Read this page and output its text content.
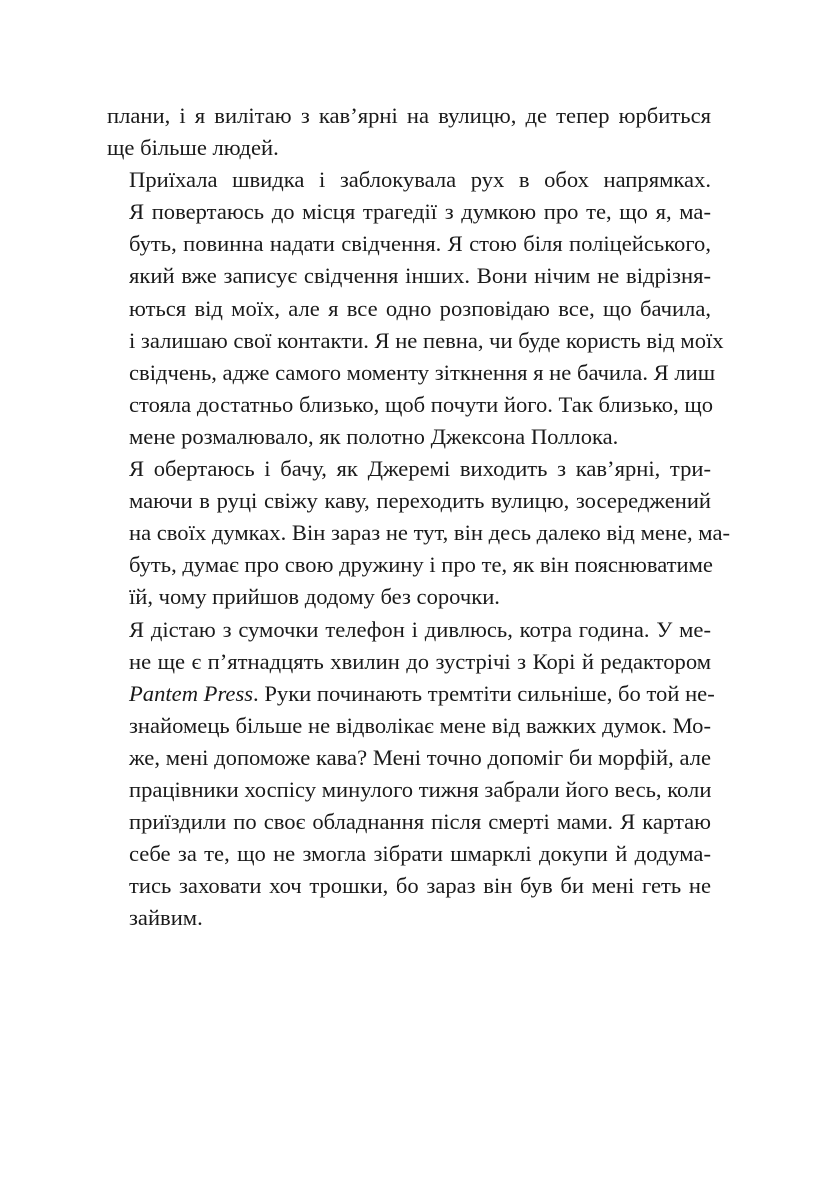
плани, і я вилітаю з кав’ярні на вулицю, де тепер юрбиться
ще більше людей.

Приїхала швидка і заблокувала рух в обох напрямках.
Я повертаюсь до місця трагедії з думкою про те, що я, ма-
буть, повинна надати свідчення. Я стою біля поліцейського,
який вже записує свідчення інших. Вони нічим не відрізня-
ються від моїх, але я все одно розповідаю все, що бачила,
і залишаю свої контакти. Я не певна, чи буде користь від моїх
свідчень, адже самого моменту зіткнення я не бачила. Я лиш
стояла достатньо близько, щоб почути його. Так близько, що
мене розмалювало, як полотно Джексона Поллока.

Я обертаюсь і бачу, як Джеремі виходить з кав’ярні, три-
маючи в руці свіжу каву, переходить вулицю, зосереджений
на своїх думках. Він зараз не тут, він десь далеко від мене, ма-
буть, думає про свою дружину і про те, як він пояснюватиме
їй, чому прийшов додому без сорочки.

Я дістаю з сумочки телефон і дивлюсь, котра година. У ме-
не ще є п’ятнадцять хвилин до зустрічі з Корі й редактором
Pantem Press. Руки починають тремтіти сильніше, бо той не-
знайомець більше не відволікає мене від важких думок. Мо-
же, мені допоможе кава? Мені точно допоміг би морфій, але
працівники хоспісу минулого тижня забрали його весь, коли
приїздили по своє обладнання після смерті мами. Я картаю
себе за те, що не змогла зібрати шмарклі докупи й додума-
тись заховати хоч трошки, бо зараз він був би мені геть не
зайвим.
